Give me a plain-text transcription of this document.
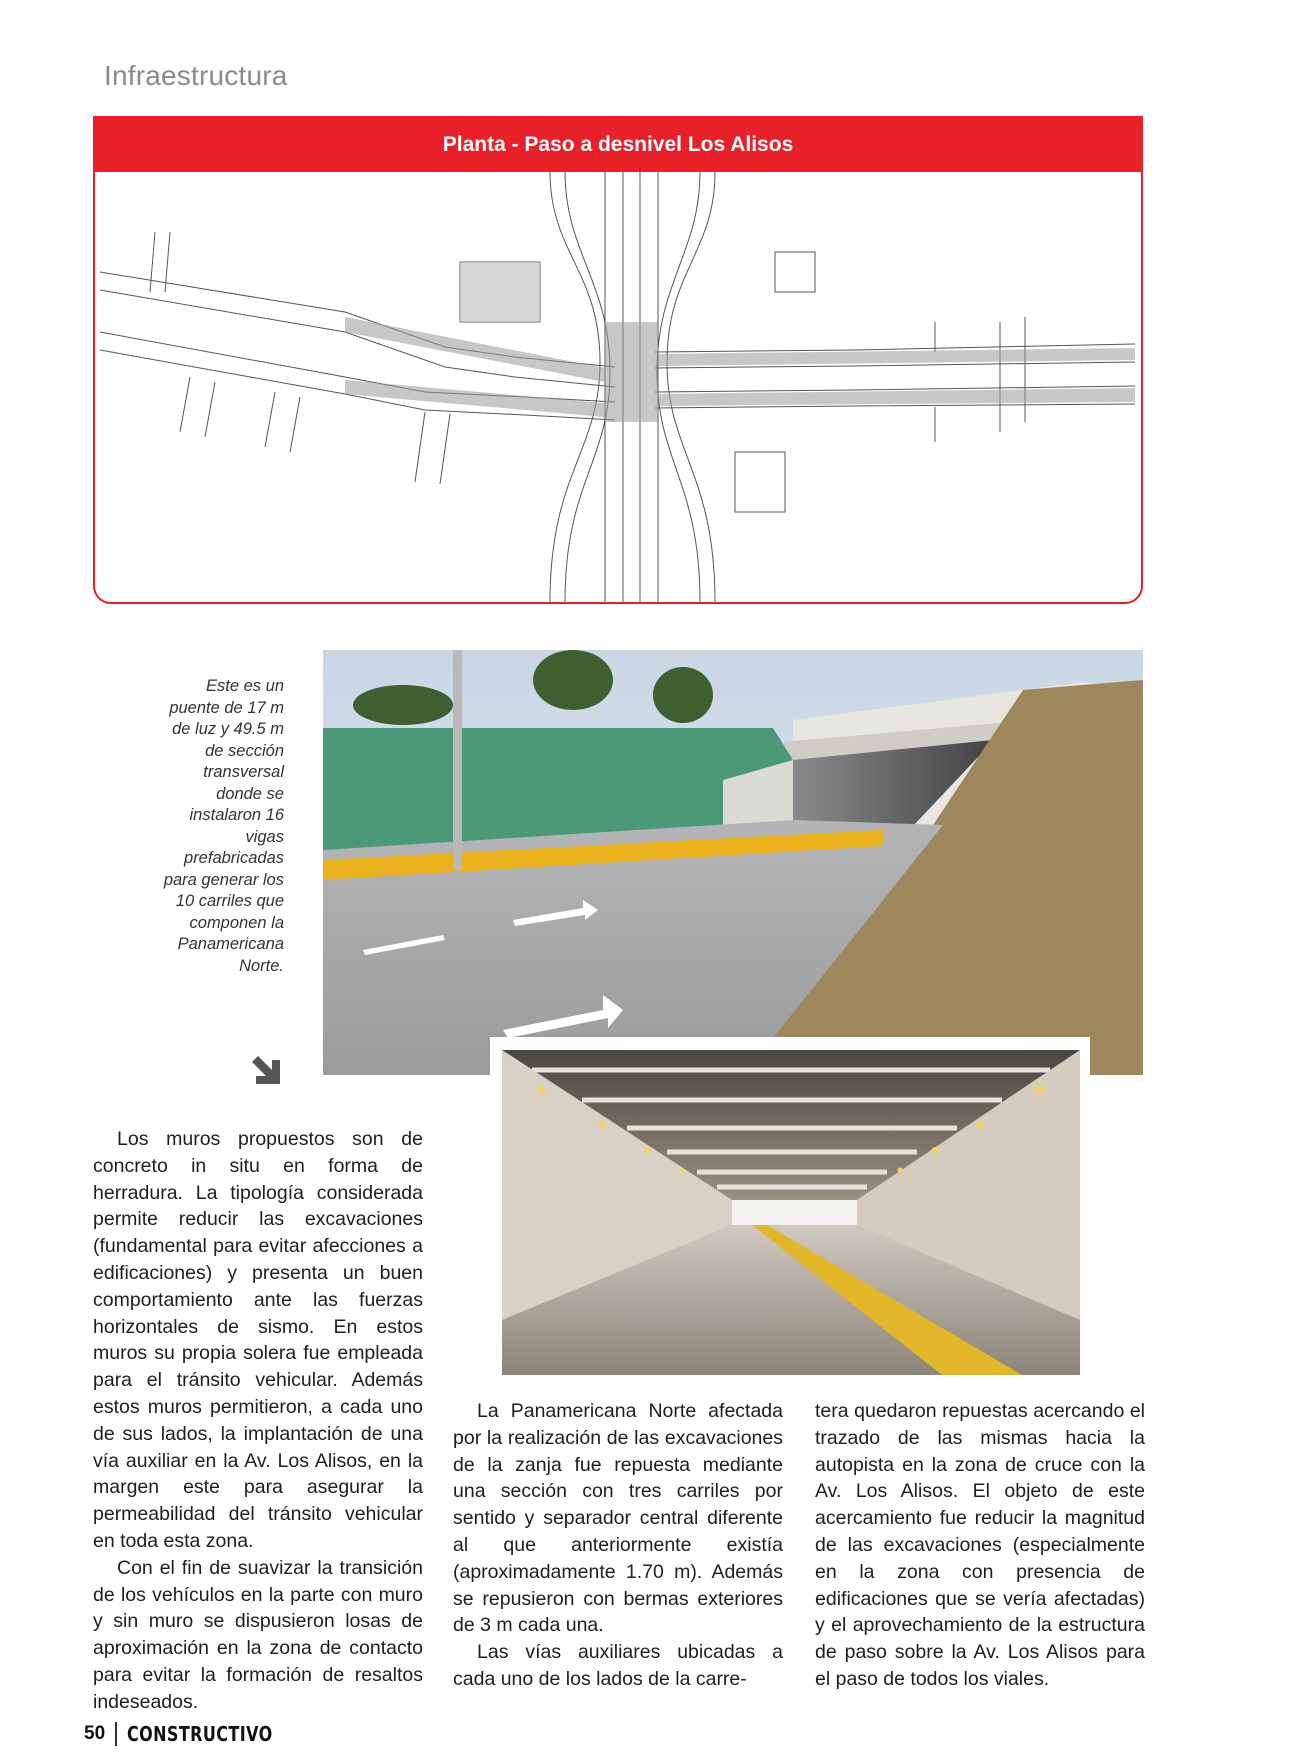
Infraestructura
Planta - Paso a desnivel Los Alisos
Este es un puente de 17 m de luz y 49.5 m de sección transversal donde se instalaron 16 vigas prefabricadas para generar los 10 carriles que componen la Panamericana Norte.

Los muros propuestos son de concreto in situ en forma de herradura. La tipología considerada permite reducir las excavaciones (fundamental para evitar afecciones a edificaciones) y presenta un buen comportamiento ante las fuerzas horizontales de sismo. En estos muros su propia solera fue empleada para el tránsito vehicular. Además estos muros permitieron, a cada uno de sus lados, la implantación de una vía auxiliar en la Av. Los Alisos, en la margen este para asegurar la permeabilidad del tránsito vehicular en toda esta zona.

Con el fin de suavizar la transición de los vehículos en la parte con muro y sin muro se dispusieron losas de aproximación en la zona de contacto para evitar la formación de resaltos indeseados.

La Panamericana Norte afectada por la realización de las excavaciones de la zanja fue repuesta mediante una sección con tres carriles por sentido y separador central diferente al que anteriormente existía (aproximadamente 1.70 m). Además se repusieron con bermas exteriores de 3 m cada una.

Las vías auxiliares ubicadas a cada uno de los lados de la carre-

tera quedaron repuestas acercando el trazado de las mismas hacia la autopista en la zona de cruce con la Av. Los Alisos. El objeto de este acercamiento fue reducir la magnitud de las excavaciones (especialmente en la zona con presencia de edificaciones que se vería afectadas) y el aprovechamiento de la estructura de paso sobre la Av. Los Alisos para el paso de todos los viales.

50 CONSTRUCTIVO
